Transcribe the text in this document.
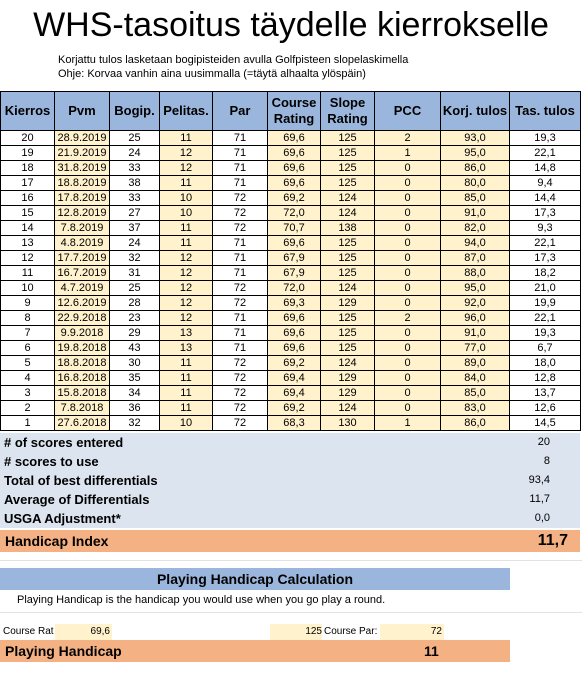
WHS-tasoitus täydelle kierrokselle
Korjattu tulos lasketaan bogipisteiden avulla Golfpisteen slopelaskimella
Ohje: Korvaa vanhin aina uusimmalla (=täytä alhaalta ylöspäin)
Kierros	Pvm	Bogip.	Pelitas.	Par	Course Rating	Slope Rating	PCC	Korj. tulos	Tas. tulos
20	28.9.2019	25	11	71	69,6	125	2	93,0	19,3
19	21.9.2019	24	12	71	69,6	125	1	95,0	22,1
18	31.8.2019	33	12	71	69,6	125	0	86,0	14,8
17	18.8.2019	38	11	71	69,6	125	0	80,0	9,4
16	17.8.2019	33	10	72	69,2	124	0	85,0	14,4
15	12.8.2019	27	10	72	72,0	124	0	91,0	17,3
14	7.8.2019	37	11	72	70,7	138	0	82,0	9,3
13	4.8.2019	24	11	71	69,6	125	0	94,0	22,1
12	17.7.2019	32	12	71	67,9	125	0	87,0	17,3
11	16.7.2019	31	12	71	67,9	125	0	88,0	18,2
10	4.7.2019	25	12	72	72,0	124	0	95,0	21,0
9	12.6.2019	28	12	72	69,3	129	0	92,0	19,9
8	22.9.2018	23	12	71	69,6	125	2	96,0	22,1
7	9.9.2018	29	13	71	69,6	125	0	91,0	19,3
6	19.8.2018	43	13	71	69,6	125	0	77,0	6,7
5	18.8.2018	30	11	72	69,2	124	0	89,0	18,0
4	16.8.2018	35	11	72	69,4	129	0	84,0	12,8
3	15.8.2018	34	11	72	69,4	129	0	85,0	13,7
2	7.8.2018	36	11	72	69,2	124	0	83,0	12,6
1	27.6.2018	32	10	72	68,3	130	1	86,0	14,5
# of scores entered	20
# scores to use	8
Total of best differentials	93,4
Average of Differentials	11,7
USGA Adjustment*	0,0
Handicap Index	11,7
Playing Handicap Calculation
Playing Handicap is the handicap you would use when you go play a round.
Course Rat	69,6	125 Course Par:	72
Playing Handicap	11
